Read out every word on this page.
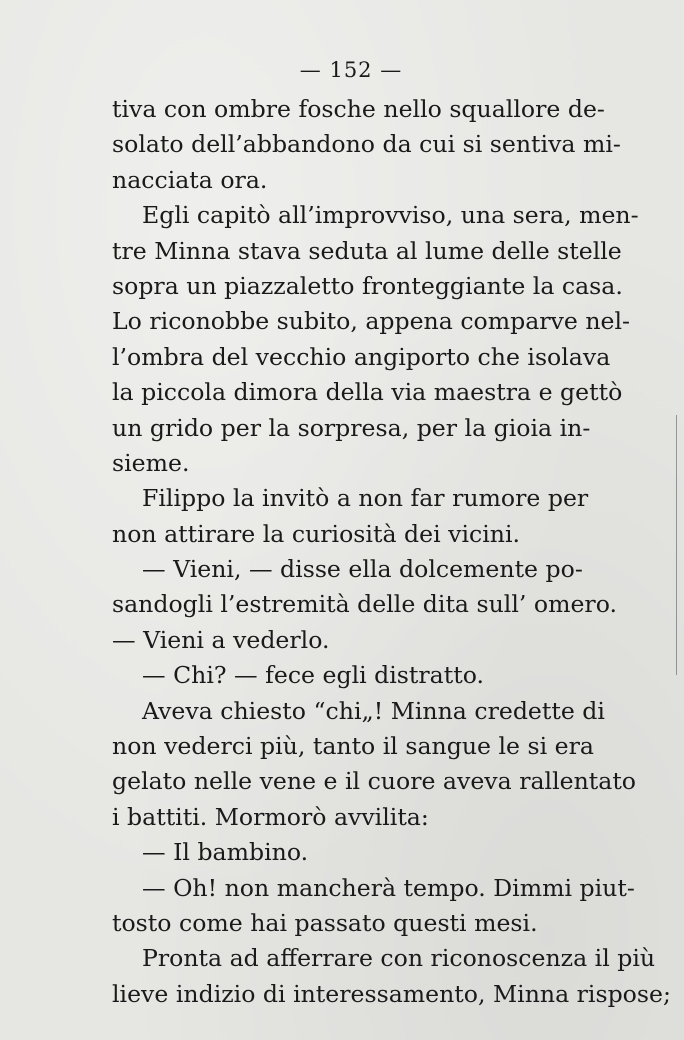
— 152 —
tiva con ombre fosche nello squallore de-
solato dell’abbandono da cui si sentiva mi-
nacciata ora.
Egli capitò all’improvviso, una sera, men-
tre Minna stava seduta al lume delle stelle
sopra un piazzaletto fronteggiante la casa.
Lo riconobbe subito, appena comparve nel-
l’ombra del vecchio angiporto che isolava
la piccola dimora della via maestra e gettò
un grido per la sorpresa, per la gioia in-
sieme.
Filippo la invitò a non far rumore per
non attirare la curiosità dei vicini.
— Vieni, — disse ella dolcemente po-
sandogli l’estremità delle dita sull’ omero.
— Vieni a vederlo.
— Chi? — fece egli distratto.
Aveva chiesto “chi„! Minna credette di
non vederci più, tanto il sangue le si era
gelato nelle vene e il cuore aveva rallentato
i battiti. Mormorò avvilita:
— Il bambino.
— Oh! non mancherà tempo. Dimmi piut-
tosto come hai passato questi mesi.
Pronta ad afferrare con riconoscenza il più
lieve indizio di interessamento, Minna rispose;
